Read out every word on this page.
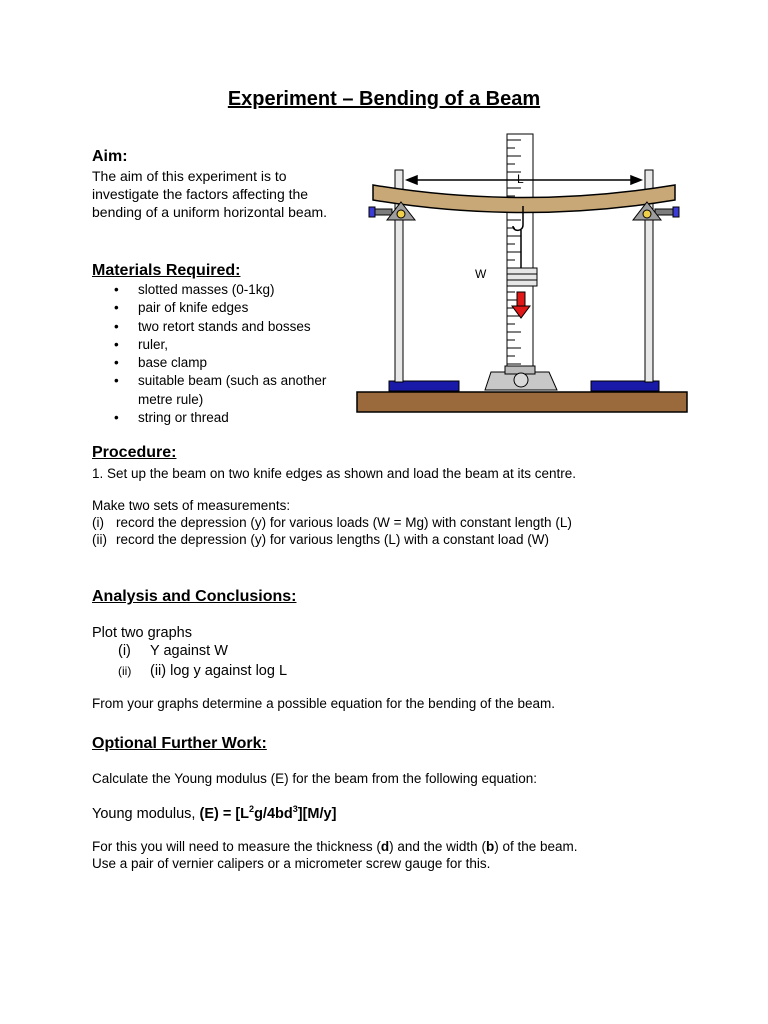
Experiment – Bending of a Beam
Aim:
The aim of this experiment is to investigate the factors affecting the bending of a uniform horizontal beam.
Materials Required:
• slotted masses (0-1kg)
• pair of knife edges
• two retort stands and bosses
• ruler,
• base clamp
• suitable beam (such as another metre rule)
• string or thread
L
W
Procedure:
1. Set up the beam on two knife edges as shown and load the beam at its centre.
Make two sets of measurements:
(i) record the depression (y) for various loads (W = Mg) with constant length (L)
(ii) record the depression (y) for various lengths (L) with a constant load (W)
Analysis and Conclusions:
Plot two graphs
(i) Y against W
(ii) (ii) log y against log L
From your graphs determine a possible equation for the bending of the beam.
Optional Further Work:
Calculate the Young modulus (E) for the beam from the following equation:
Young modulus, $(E) = [L^2g/4bd^3][M/y]$
For this you will need to measure the thickness (d) and the width (b) of the beam.
Use a pair of vernier calipers or a micrometer screw gauge for this.
